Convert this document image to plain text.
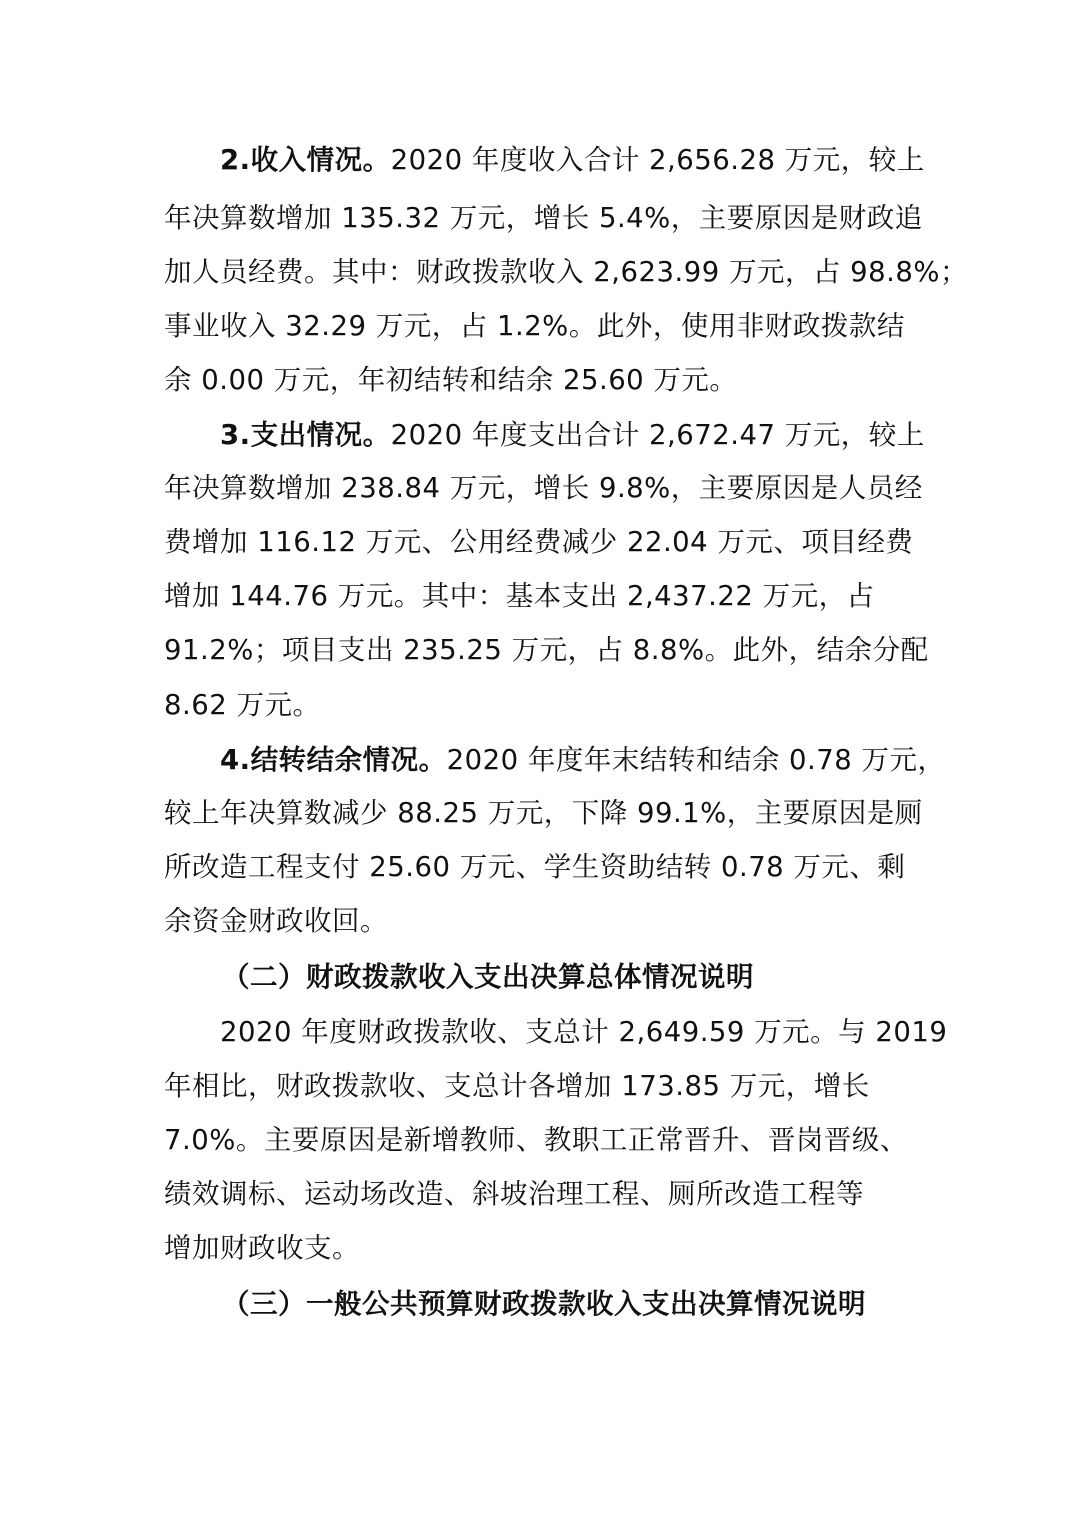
2.收入情况。2020 年度收入合计 2,656.28 万元，较上
年决算数增加 135.32 万元，增长 5.4%，主要原因是财政追
加人员经费。其中：财政拨款收入 2,623.99 万元，占 98.8%；
事业收入 32.29 万元，占 1.2%。此外，使用非财政拨款结
余 0.00 万元，年初结转和结余 25.60 万元。
3.支出情况。2020 年度支出合计 2,672.47 万元，较上
年决算数增加 238.84 万元，增长 9.8%，主要原因是人员经
费增加 116.12 万元、公用经费减少 22.04 万元、项目经费
增加 144.76 万元。其中：基本支出 2,437.22 万元，占
91.2%；项目支出 235.25 万元，占 8.8%。此外，结余分配
8.62 万元。
4.结转结余情况。2020 年度年末结转和结余 0.78 万元，
较上年决算数减少 88.25 万元，下降 99.1%，主要原因是厕
所改造工程支付 25.60 万元、学生资助结转 0.78 万元、剩
余资金财政收回。
（二）财政拨款收入支出决算总体情况说明
2020 年度财政拨款收、支总计 2,649.59 万元。与 2019
年相比，财政拨款收、支总计各增加 173.85 万元，增长
7.0%。主要原因是新增教师、教职工正常晋升、晋岗晋级、
绩效调标、运动场改造、斜坡治理工程、厕所改造工程等
增加财政收支。
（三）一般公共预算财政拨款收入支出决算情况说明
